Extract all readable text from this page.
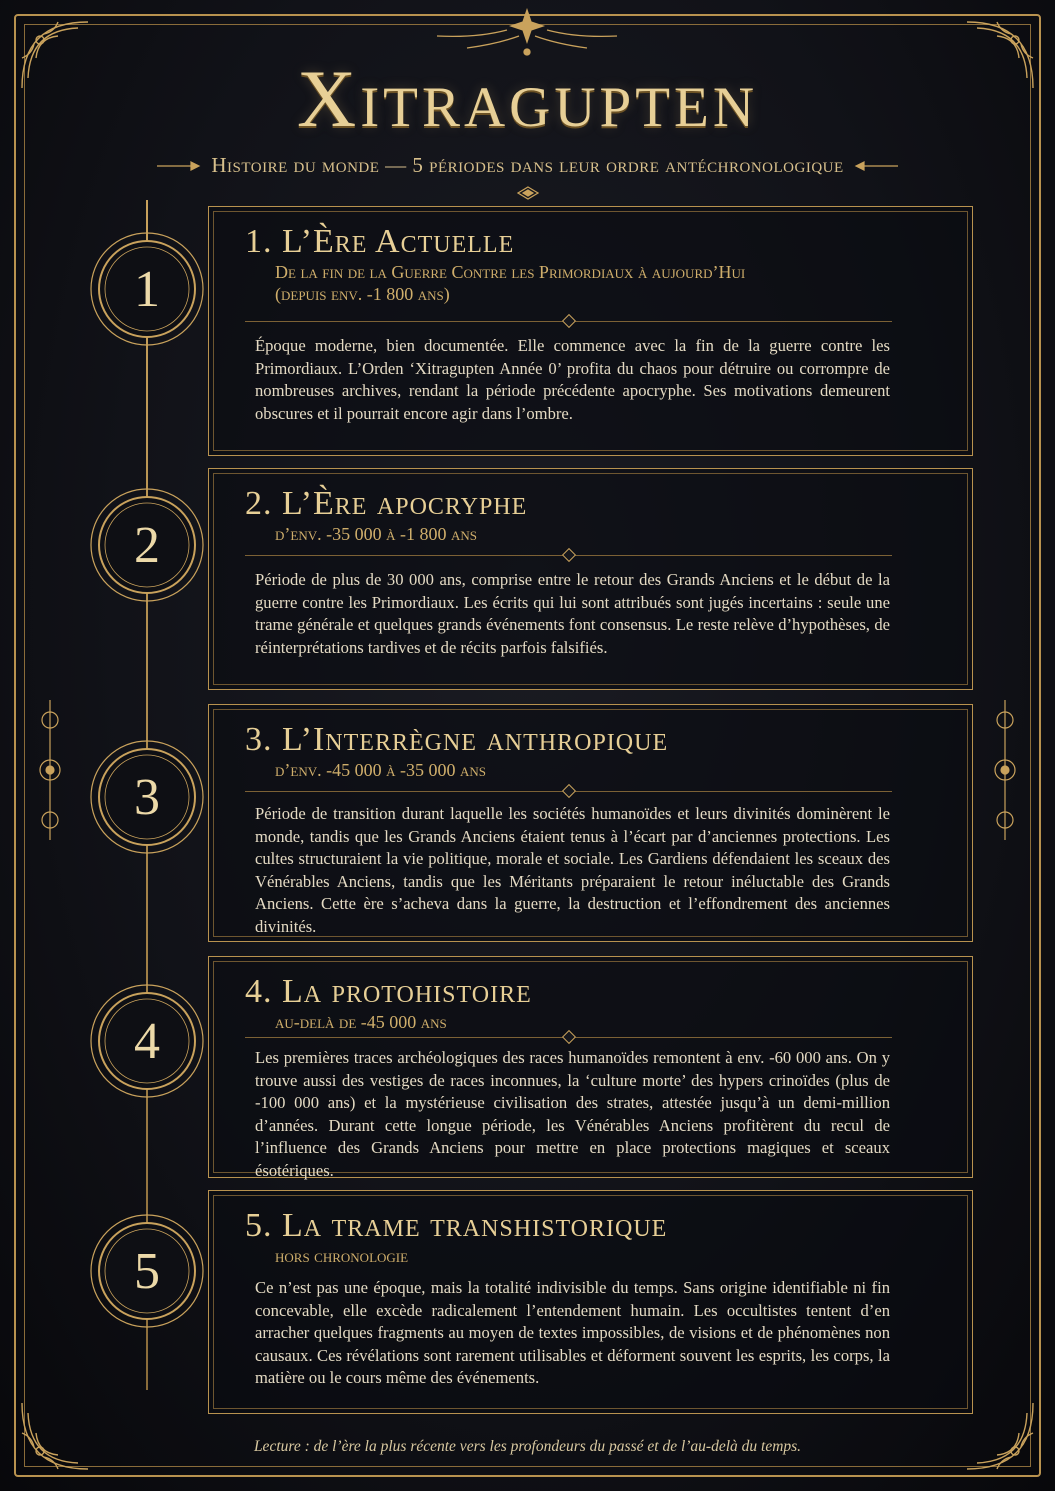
Xitragupten
Histoire du monde — 5 périodes dans leur ordre antéchronologique
1
2
3
4
5
1. L’Ère Actuelle
De la fin de la Guerre Contre les Primordiaux à aujourd’Hui
(depuis env. -1 800 ans)
Époque moderne, bien documentée. Elle commence avec la fin de la guerre contre les Primordiaux. L’Orden ‘Xitragupten Année 0’ profita du chaos pour détruire ou corrompre de nombreuses archives, rendant la période précédente apocryphe. Ses motivations demeurent obscures et il pourrait encore agir dans l’ombre.
2. L’Ère apocryphe
d’env. -35 000 à -1 800 ans
Période de plus de 30 000 ans, comprise entre le retour des Grands Anciens et le début de la guerre contre les Primordiaux. Les écrits qui lui sont attribués sont jugés incertains : seule une trame générale et quelques grands événements font consensus. Le reste relève d’hypothèses, de réinterprétations tardives et de récits parfois falsifiés.
3. L’Interrègne anthropique
d’env. -45 000 à -35 000 ans
Période de transition durant laquelle les sociétés humanoïdes et leurs divinités dominèrent le monde, tandis que les Grands Anciens étaient tenus à l’écart par d’anciennes protections. Les cultes structuraient la vie politique, morale et sociale. Les Gardiens défendaient les sceaux des Vénérables Anciens, tandis que les Méritants préparaient le retour inéluctable des Grands Anciens. Cette ère s’acheva dans la guerre, la destruction et l’effondrement des anciennes divinités.
4. La protohistoire
au-delà de -45 000 ans
Les premières traces archéologiques des races humanoïdes remontent à env. -60 000 ans. On y trouve aussi des vestiges de races inconnues, la ‘culture morte’ des hypers crinoïdes (plus de -100 000 ans) et la mystérieuse civilisation des strates, attestée jusqu’à un demi-million d’années. Durant cette longue période, les Vénérables Anciens profitèrent du recul de l’influence des Grands Anciens pour mettre en place protections magiques et sceaux ésotériques.
5. La trame transhistorique
hors chronologie
Ce n’est pas une époque, mais la totalité indivisible du temps. Sans origine identifiable ni fin concevable, elle excède radicalement l’entendement humain. Les occultistes tentent d’en arracher quelques fragments au moyen de textes impossibles, de visions et de phénomènes non causaux. Ces révélations sont rarement utilisables et déforment souvent les esprits, les corps, la matière ou le cours même des événements.
Lecture : de l’ère la plus récente vers les profondeurs du passé et de l’au-delà du temps.
